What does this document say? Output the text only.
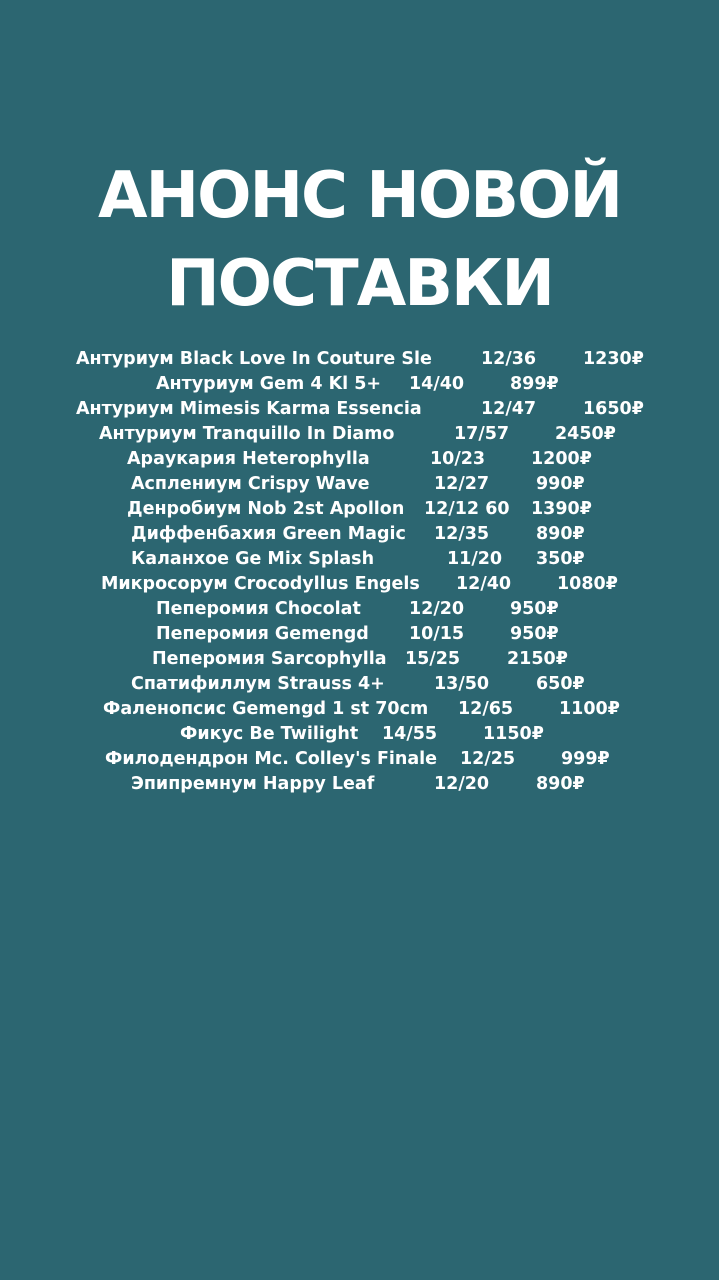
АНОНС НОВОЙ
ПОСТАВКИ
Антуриум Black Love In Couture Sle	12/36	1230₽
Антуриум Gem 4 Kl 5+ 14/40	899₽
Антуриум Mimesis Karma Essencia	12/47	1650₽
Антуриум Tranquillo In Diamo	17/57	2450₽
Араукария Heterophylla	10/23	1200₽
Асплениум Crispy Wave	12/27	990₽
Денробиум Nob 2st Apollon 12/12 60 1390₽
Диффенбахия Green Magic 12/35	890₽
Каланхое Ge Mix Splash	11/20 350₽
Микросорум Crocodyllus Engels 12/40	1080₽
Пеперомия Chocolat	12/20	950₽
Пеперомия Gemengd 10/15	950₽
Пеперомия Sarcophylla 15/25	2150₽
Спатифиллум Strauss 4+	13/50	650₽
Фаленопсис Gemengd 1 st 70cm 12/65	1100₽
Фикус Be Twilight 14/55	1150₽
Филодендрон Mc. Colley's Finale 12/25	999₽
Эпипремнум Happy Leaf	12/20	890₽
